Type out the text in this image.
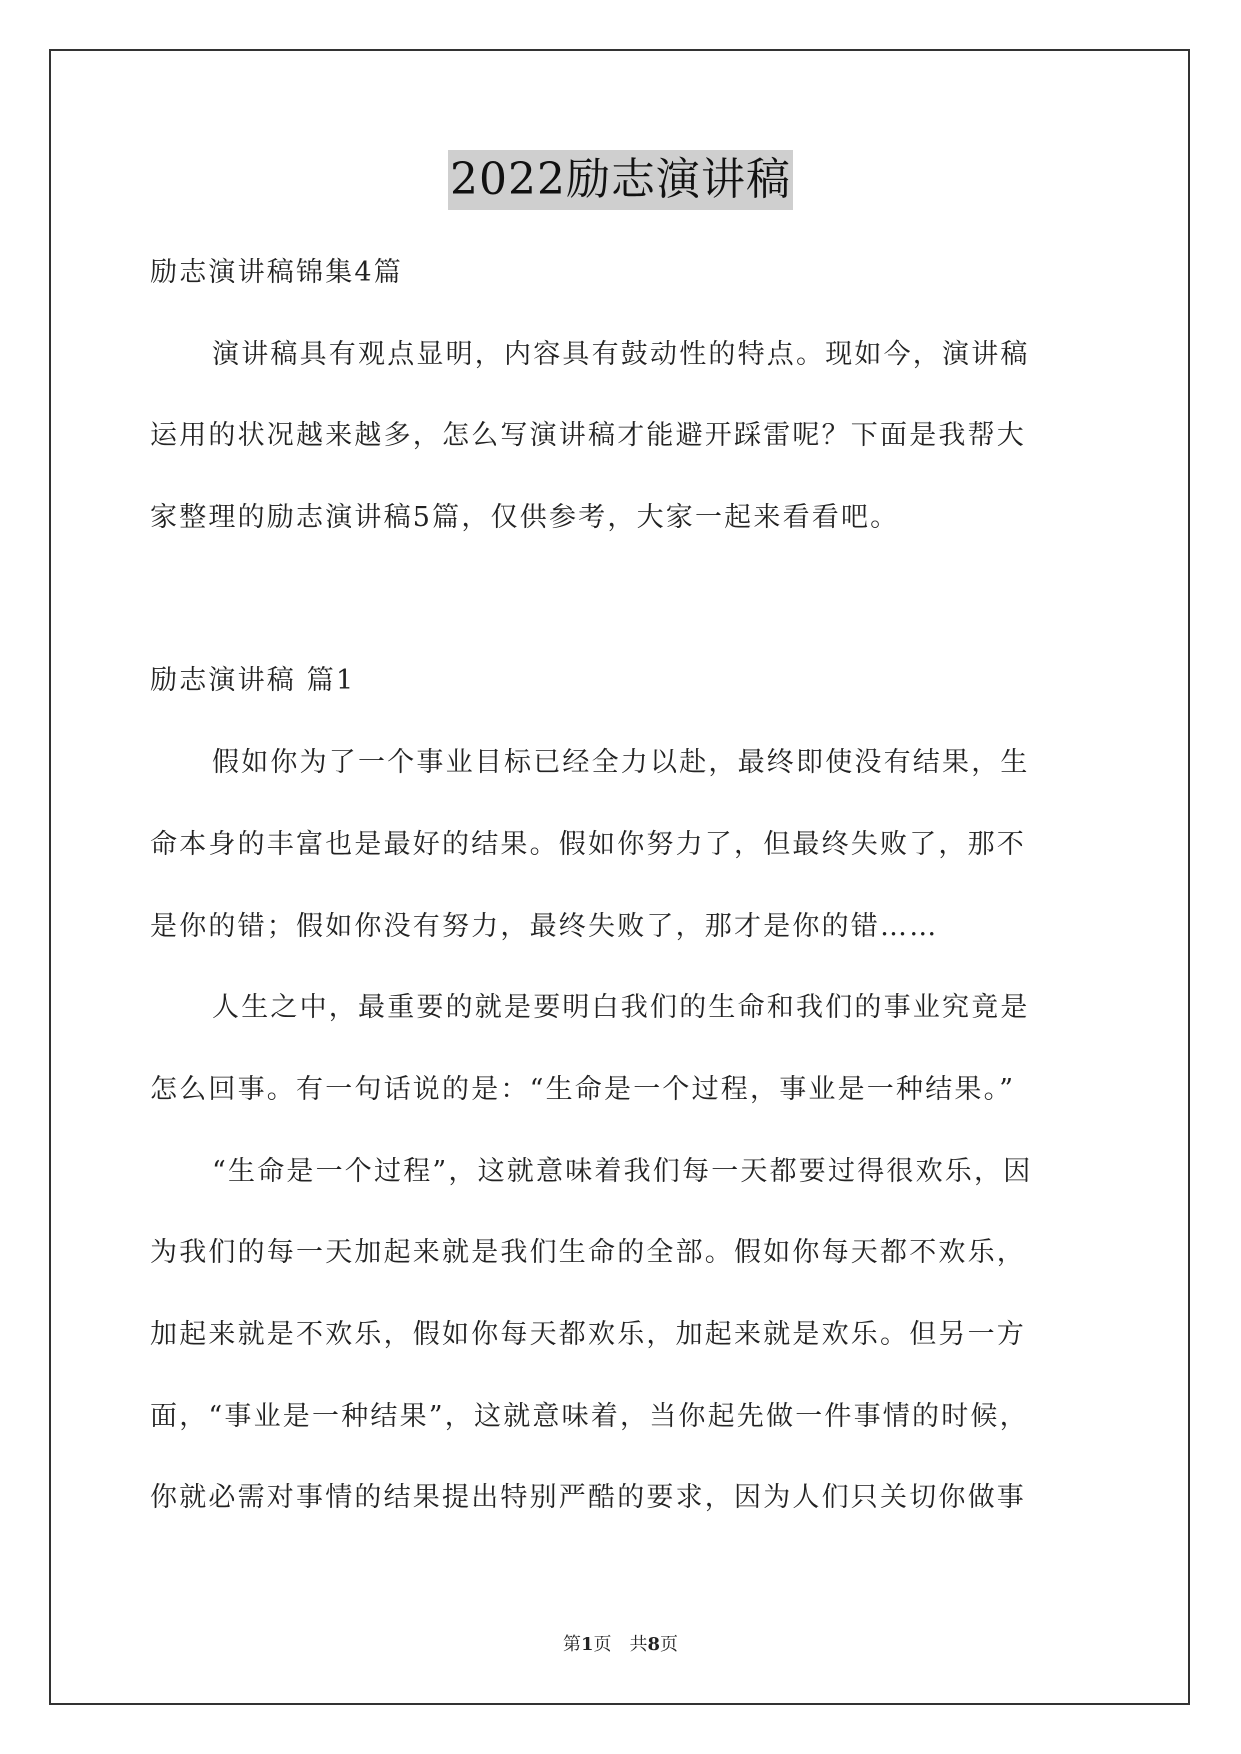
2022励志演讲稿
励志演讲稿锦集4篇
演讲稿具有观点显明，内容具有鼓动性的特点。现如今，演讲稿
运用的状况越来越多，怎么写演讲稿才能避开踩雷呢？下面是我帮大
家整理的励志演讲稿5篇，仅供参考，大家一起来看看吧。
励志演讲稿 篇1
假如你为了一个事业目标已经全力以赴，最终即使没有结果，生
命本身的丰富也是最好的结果。假如你努力了，但最终失败了，那不
是你的错；假如你没有努力，最终失败了，那才是你的错……
人生之中，最重要的就是要明白我们的生命和我们的事业究竟是
怎么回事。有一句话说的是：“生命是一个过程，事业是一种结果。”
“生命是一个过程”，这就意味着我们每一天都要过得很欢乐，因
为我们的每一天加起来就是我们生命的全部。假如你每天都不欢乐，
加起来就是不欢乐，假如你每天都欢乐，加起来就是欢乐。但另一方
面，“事业是一种结果”，这就意味着，当你起先做一件事情的时候，
你就必需对事情的结果提出特别严酷的要求，因为人们只关切你做事
第1页　共8页
